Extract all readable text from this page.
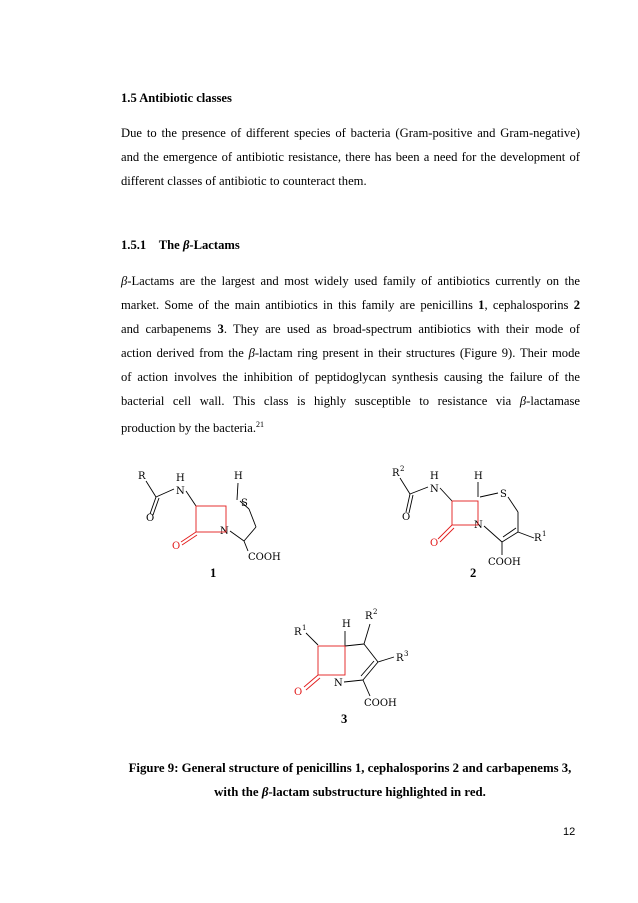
1.5 Antibiotic classes
Due to the presence of different species of bacteria (Gram-positive and Gram-negative)
and the emergence of antibiotic resistance, there has been a need for the development of
different classes of antibiotic to counteract them.
1.5.1 The β-Lactams
β-Lactams are the largest and most widely used family of antibiotics currently on the
market. Some of the main antibiotics in this family are penicillins 1, cephalosporins 2
and carbapenems 3. They are used as broad-spectrum antibiotics with their mode of
action derived from the β-lactam ring present in their structures (Figure 9). Their mode
of action involves the inhibition of peptidoglycan synthesis causing the failure of the
bacterial cell wall. This class is highly susceptible to resistance via β-lactamase
production by the bacteria.$^{21}$
R	H
N
H
S
N
O
O
COOH
1
R 2
H
N
H
S
N
O
O
COOH
R 1
2
R 1	H
R 2
R 3
N
O
COOH
3
Figure 9: General structure of penicillins 1, cephalosporins 2 and carbapenems 3,
with the β-lactam substructure highlighted in red.
12
